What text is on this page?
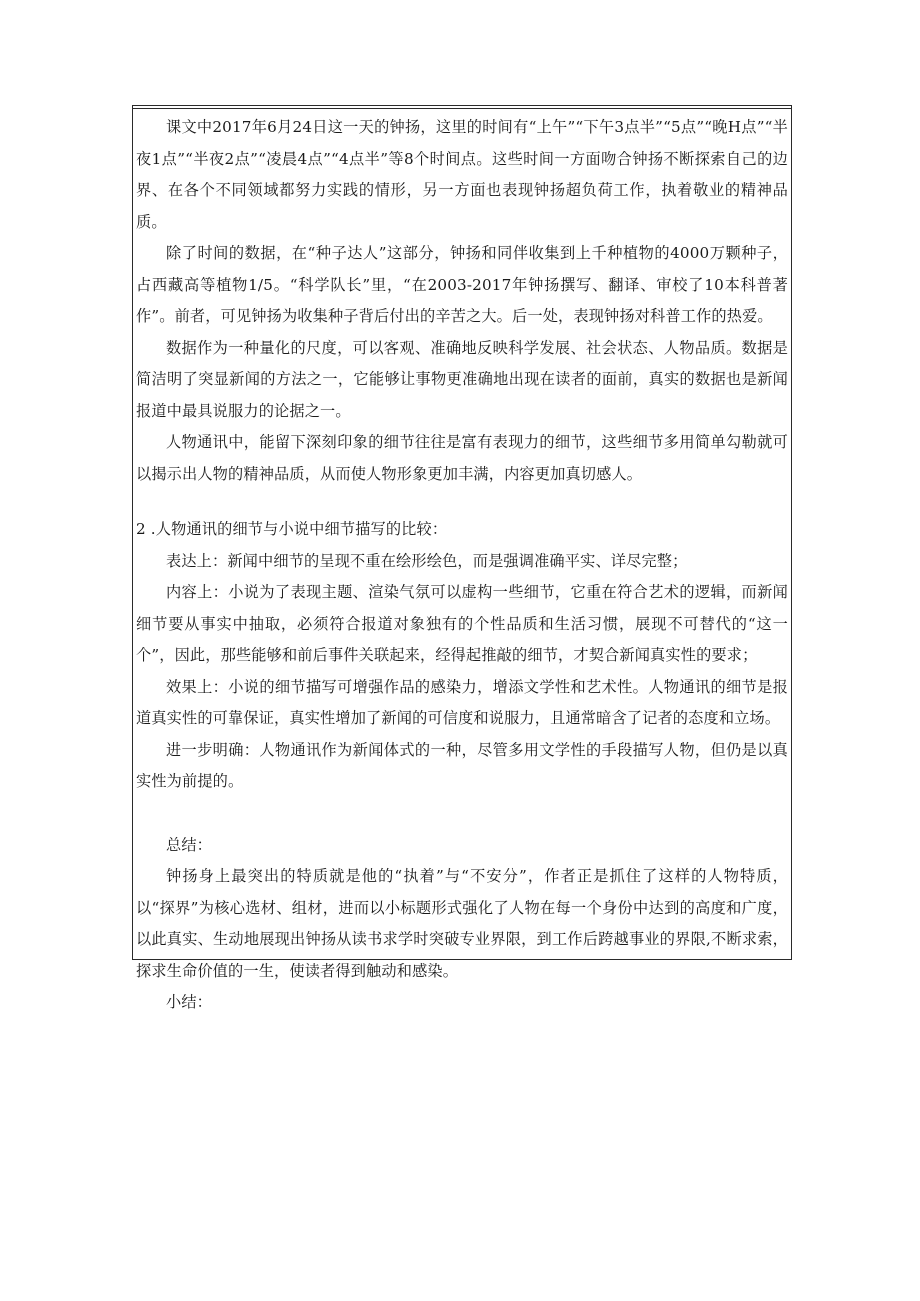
课文中2017年6月24日这一天的钟扬，这里的时间有“上午”“下午3点半”“5点”“晚H点”“半夜1点”“半夜2点”“凌晨4点”“4点半”等8个时间点。这些时间一方面吻合钟扬不断探索自己的边界、在各个不同领域都努力实践的情形，另一方面也表现钟扬超负荷工作，执着敬业的精神品质。

除了时间的数据，在“种子达人”这部分，钟扬和同伴收集到上千种植物的4000万颗种子，占西藏高等植物1/5。“科学队长”里，“在2003-2017年钟扬撰写、翻译、审校了10本科普著作”。前者，可见钟扬为收集种子背后付出的辛苦之大。后一处，表现钟扬对科普工作的热爱。

数据作为一种量化的尺度，可以客观、准确地反映科学发展、社会状态、人物品质。数据是简洁明了突显新闻的方法之一，它能够让事物更准确地出现在读者的面前，真实的数据也是新闻报道中最具说服力的论据之一。

人物通讯中，能留下深刻印象的细节往往是富有表现力的细节，这些细节多用简单勾勒就可以揭示出人物的精神品质，从而使人物形象更加丰满，内容更加真切感人。

2 .人物通讯的细节与小说中细节描写的比较：

表达上：新闻中细节的呈现不重在绘形绘色，而是强调准确平实、详尽完整；

内容上：小说为了表现主题、渲染气氛可以虚构一些细节，它重在符合艺术的逻辑，而新闻细节要从事实中抽取，必须符合报道对象独有的个性品质和生活习惯，展现不可替代的“这一个”，因此，那些能够和前后事件关联起来，经得起推敲的细节，才契合新闻真实性的要求；

效果上：小说的细节描写可增强作品的感染力，增添文学性和艺术性。人物通讯的细节是报道真实性的可靠保证，真实性增加了新闻的可信度和说服力，且通常暗含了记者的态度和立场。

进一步明确：人物通讯作为新闻体式的一种，尽管多用文学性的手段描写人物，但仍是以真实性为前提的。

总结：

钟扬身上最突出的特质就是他的“执着”与“不安分”，作者正是抓住了这样的人物特质，以“探界”为核心选材、组材，进而以小标题形式强化了人物在每一个身份中达到的高度和广度，以此真实、生动地展现出钟扬从读书求学时突破专业界限，到工作后跨越事业的界限,不断求索，探求生命价值的一生，使读者得到触动和感染。

小结：
